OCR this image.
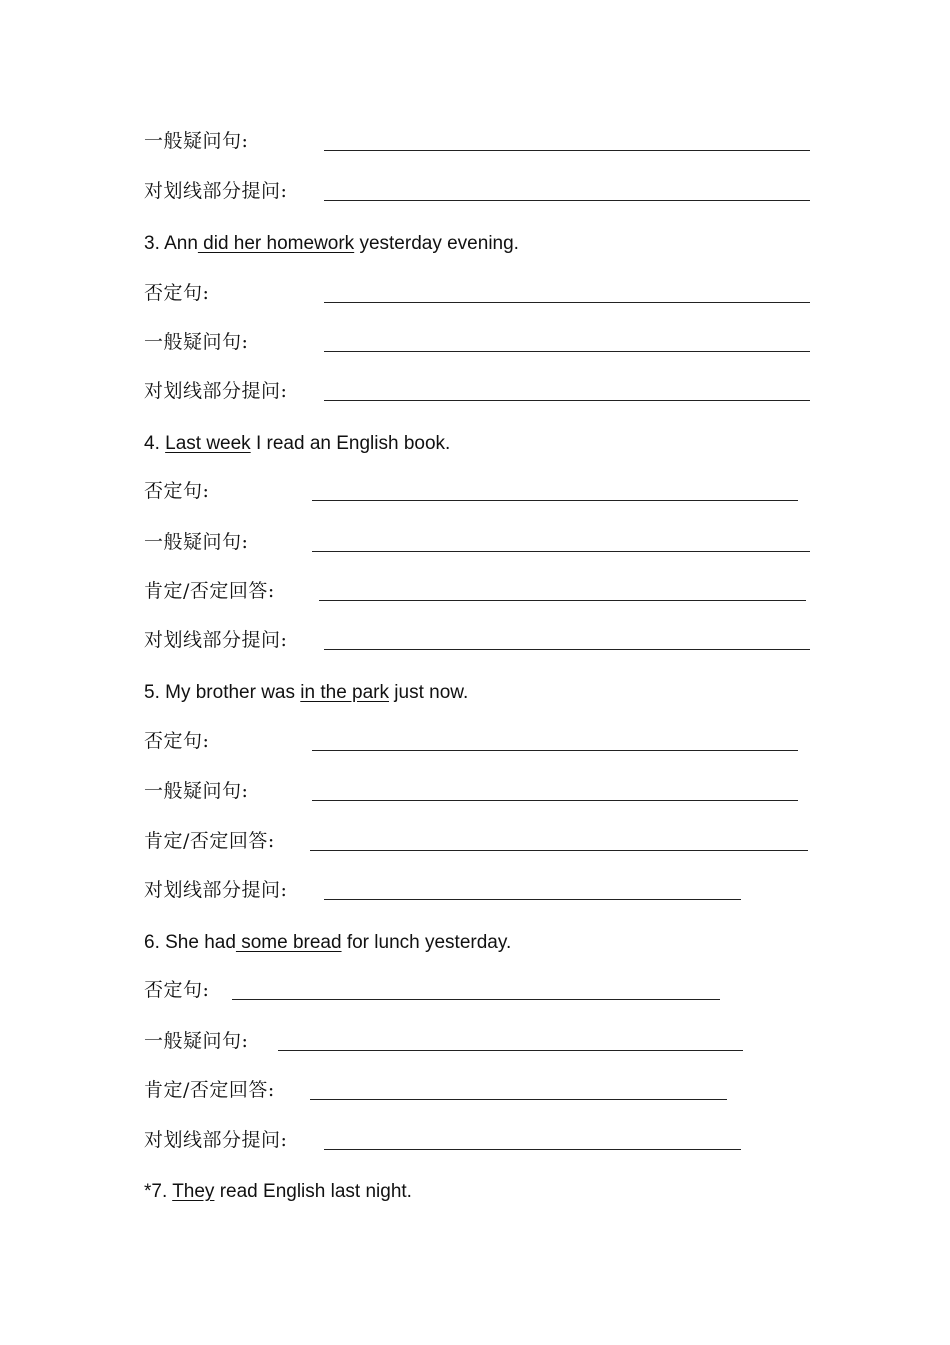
一般疑问句:
对划线部分提问:
3. Ann did her homework yesterday evening.
否定句:
一般疑问句:
对划线部分提问:
4. Last week I read an English book.
否定句:
一般疑问句:
肯定/否定回答:
对划线部分提问:
5. My brother was in the park just now.
否定句:
一般疑问句:
肯定/否定回答:
对划线部分提问:
6. She had some bread for lunch yesterday.
否定句:
一般疑问句:
肯定/否定回答:
对划线部分提问:
*7. They read English last night.
